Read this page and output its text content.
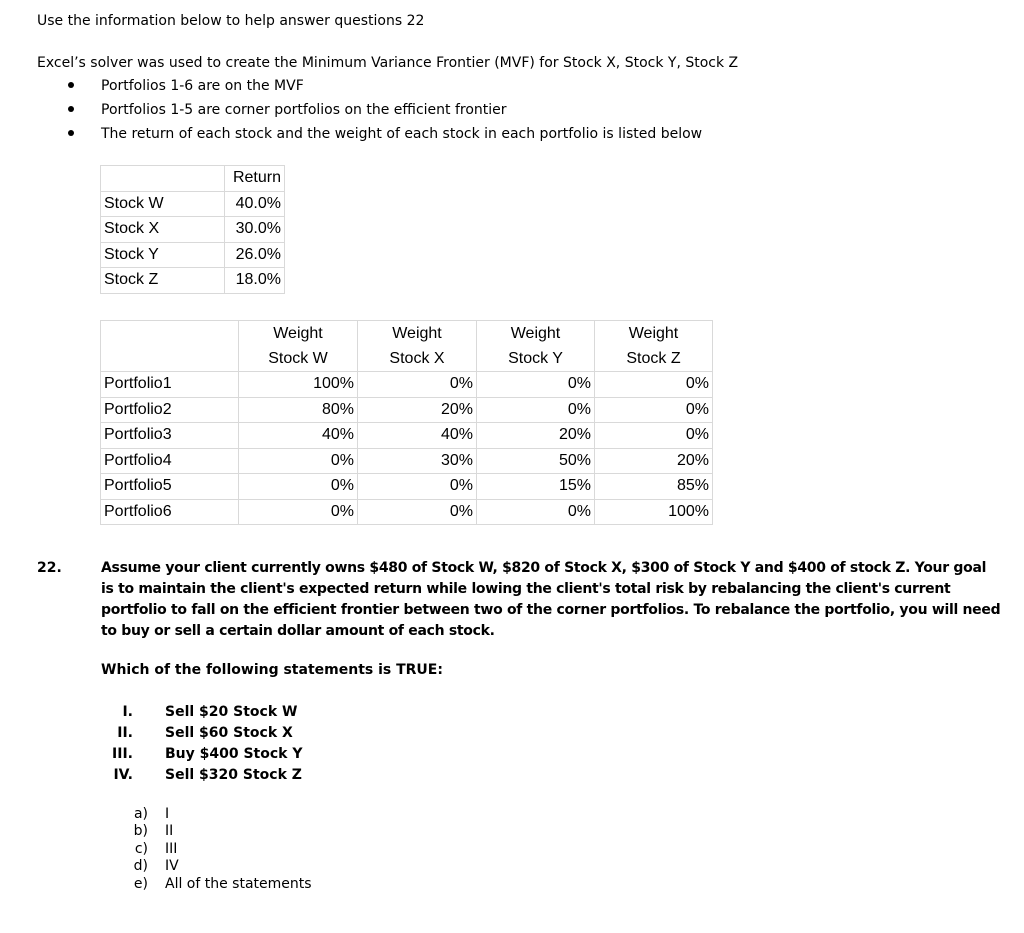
Use the information below to help answer questions 22
Excel’s solver was used to create the Minimum Variance Frontier (MVF) for Stock X, Stock Y, Stock Z
Portfolios 1-6 are on the MVF
Portfolios 1-5 are corner portfolios on the efficient frontier
The return of each stock and the weight of each stock in each portfolio is listed below
	Return
Stock W	40.0%
Stock X	30.0%
Stock Y	26.0%
Stock Z	18.0%
	Weight	Weight	Weight	Weight
	Stock W	Stock X	Stock Y	Stock Z
Portfolio1	100%	0%	0%	0%
Portfolio2	80%	20%	0%	0%
Portfolio3	40%	40%	20%	0%
Portfolio4	0%	30%	50%	20%
Portfolio5	0%	0%	15%	85%
Portfolio6	0%	0%	0%	100%
22.	Assume your client currently owns $480 of Stock W, $820 of Stock X, $300 of Stock Y and $400 of stock Z. Your goal is to maintain the client's expected return while lowing the client's total risk by rebalancing the client's current portfolio to fall on the efficient frontier between two of the corner portfolios. To rebalance the portfolio, you will need to buy or sell a certain dollar amount of each stock.
Which of the following statements is TRUE:
I. Sell $20 Stock W
II. Sell $60 Stock X
III. Buy $400 Stock Y
IV. Sell $320 Stock Z
a) I
b) II
c) III
d) IV
e) All of the statements
